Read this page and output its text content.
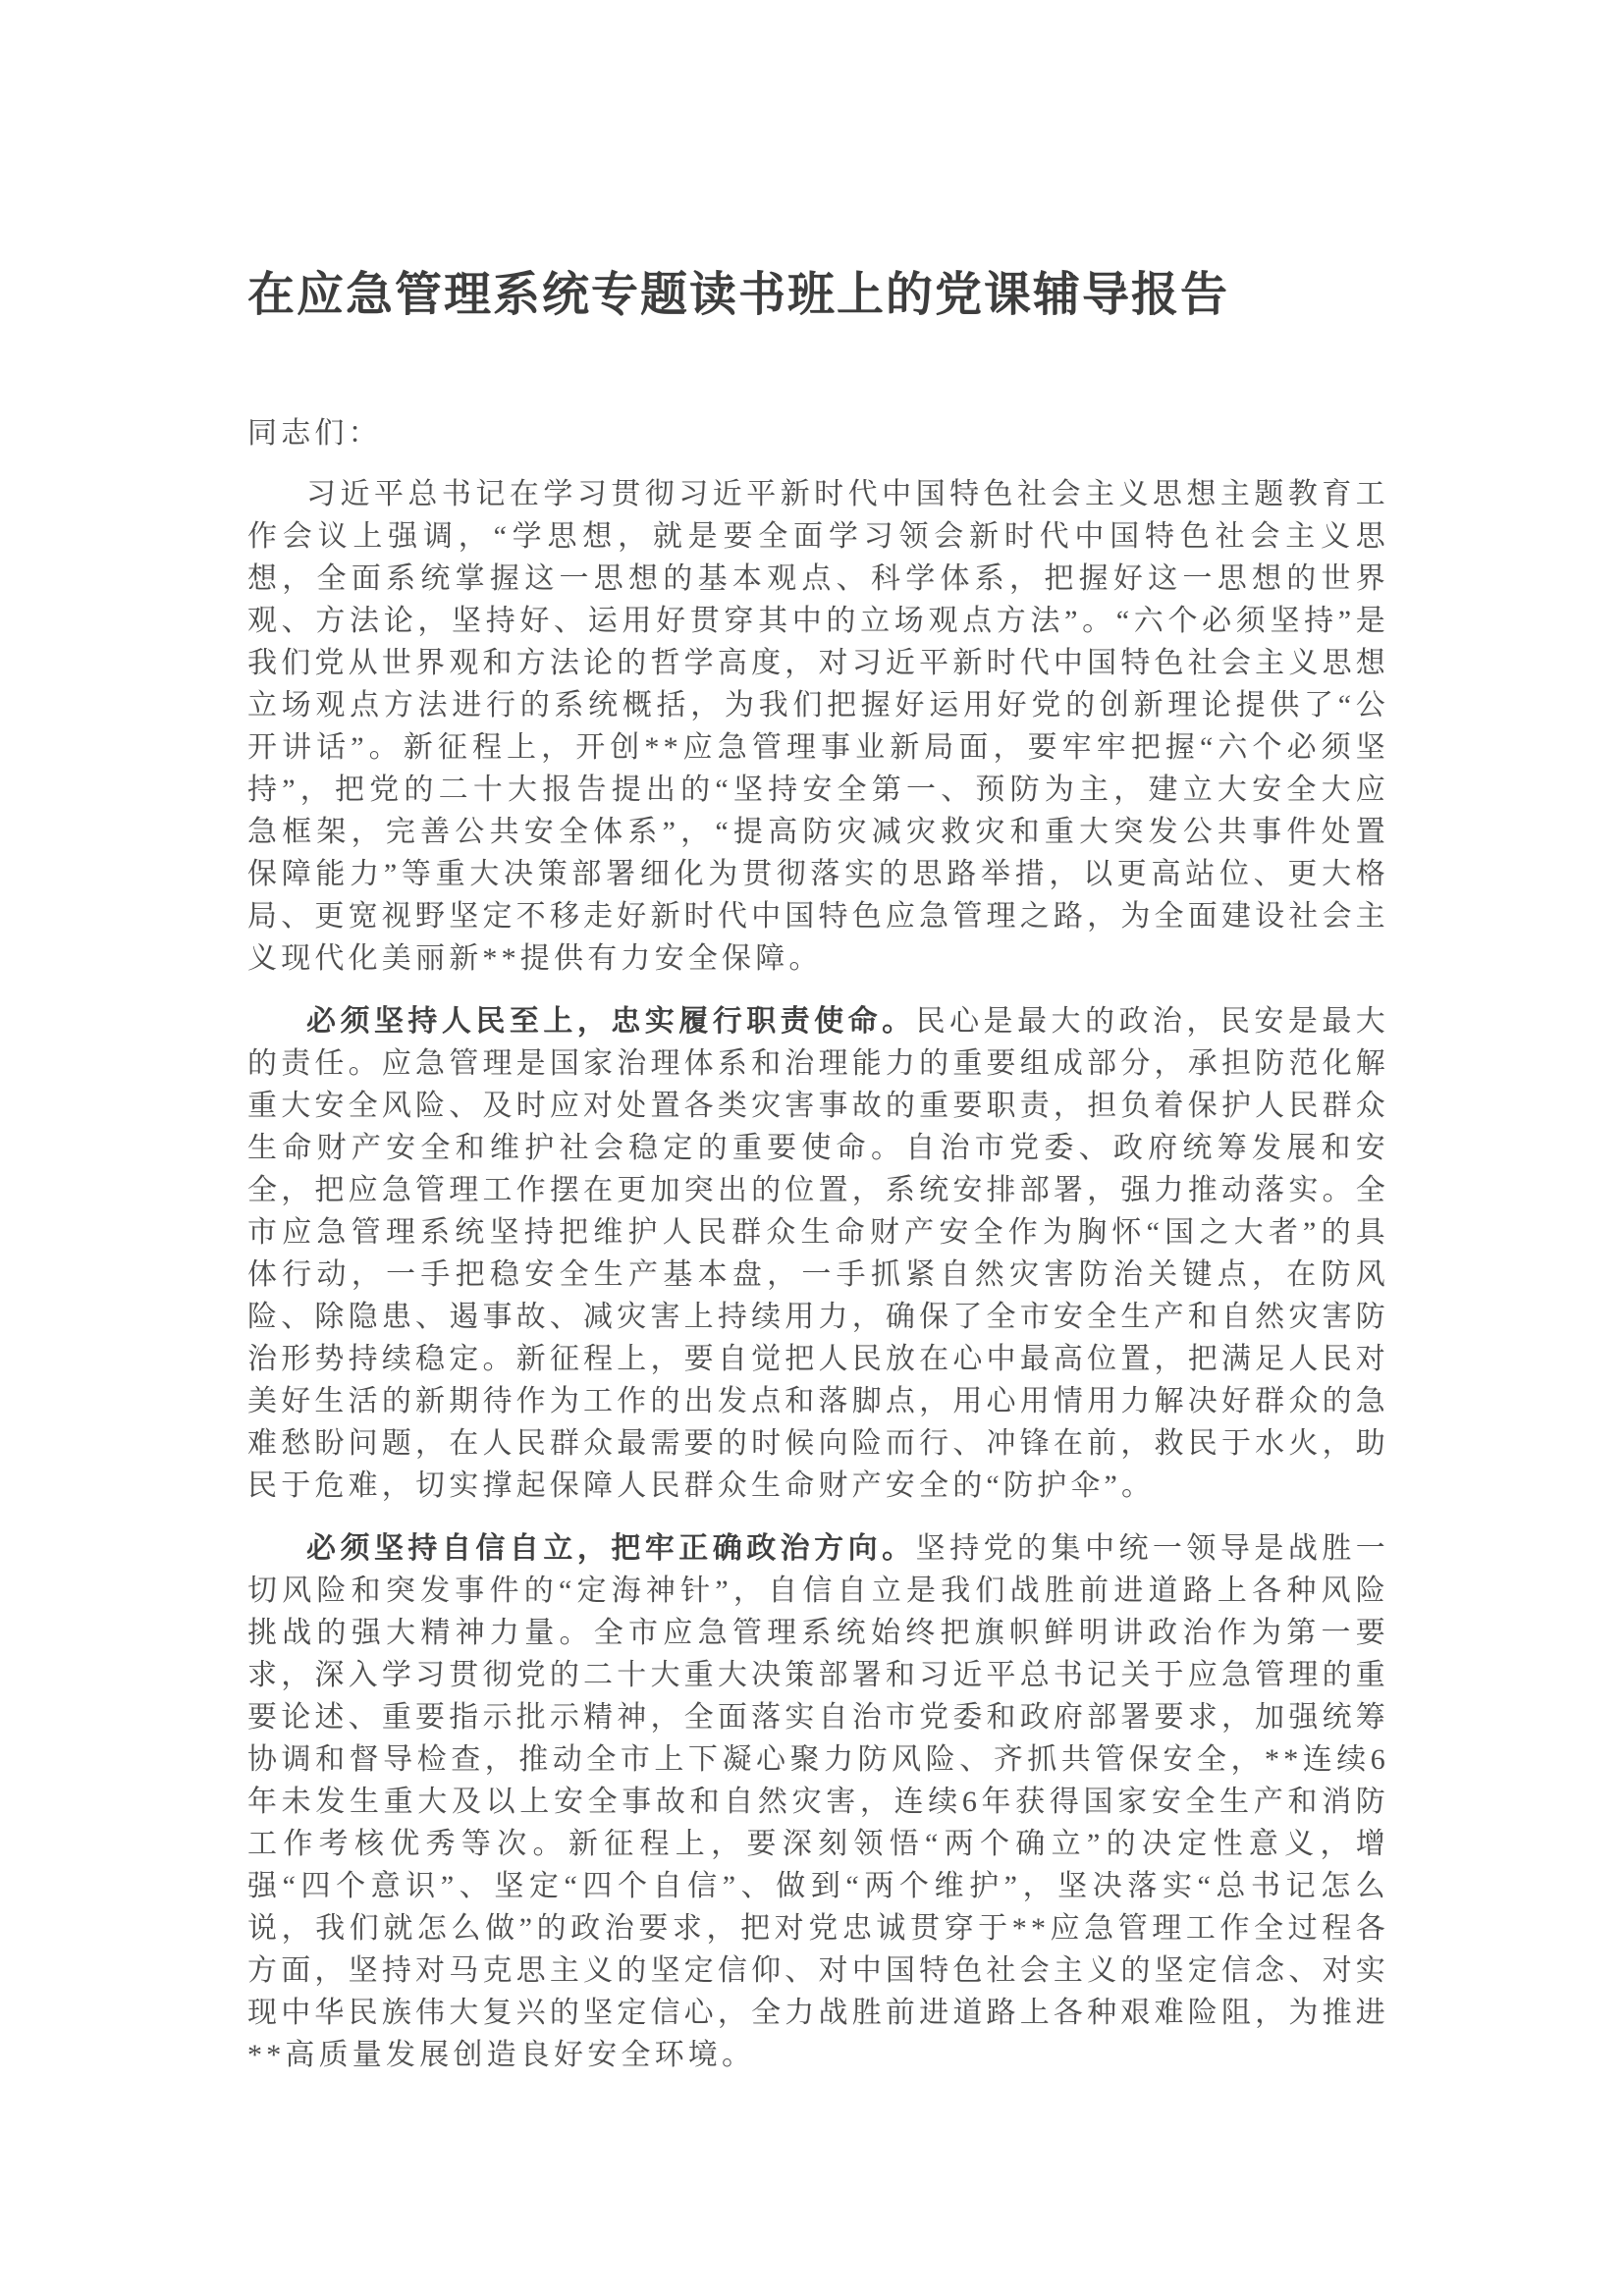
在应急管理系统专题读书班上的党课辅导报告

同志们：

习近平总书记在学习贯彻习近平新时代中国特色社会主义思想主题教育工作会议上强调，“学思想，就是要全面学习领会新时代中国特色社会主义思想，全面系统掌握这一思想的基本观点、科学体系，把握好这一思想的世界观、方法论，坚持好、运用好贯穿其中的立场观点方法”。“六个必须坚持”是我们党从世界观和方法论的哲学高度，对习近平新时代中国特色社会主义思想立场观点方法进行的系统概括，为我们把握好运用好党的创新理论提供了“公开讲话”。新征程上，开创**应急管理事业新局面，要牢牢把握“六个必须坚持”，把党的二十大报告提出的“坚持安全第一、预防为主，建立大安全大应急框架，完善公共安全体系”，“提高防灾减灾救灾和重大突发公共事件处置保障能力”等重大决策部署细化为贯彻落实的思路举措，以更高站位、更大格局、更宽视野坚定不移走好新时代中国特色应急管理之路，为全面建设社会主义现代化美丽新**提供有力安全保障。

必须坚持人民至上，忠实履行职责使命。民心是最大的政治，民安是最大的责任。应急管理是国家治理体系和治理能力的重要组成部分，承担防范化解重大安全风险、及时应对处置各类灾害事故的重要职责，担负着保护人民群众生命财产安全和维护社会稳定的重要使命。自治市党委、政府统筹发展和安全，把应急管理工作摆在更加突出的位置，系统安排部署，强力推动落实。全市应急管理系统坚持把维护人民群众生命财产安全作为胸怀“国之大者”的具体行动，一手把稳安全生产基本盘，一手抓紧自然灾害防治关键点，在防风险、除隐患、遏事故、减灾害上持续用力，确保了全市安全生产和自然灾害防治形势持续稳定。新征程上，要自觉把人民放在心中最高位置，把满足人民对美好生活的新期待作为工作的出发点和落脚点，用心用情用力解决好群众的急难愁盼问题，在人民群众最需要的时候向险而行、冲锋在前，救民于水火，助民于危难，切实撑起保障人民群众生命财产安全的“防护伞”。

必须坚持自信自立，把牢正确政治方向。坚持党的集中统一领导是战胜一切风险和突发事件的“定海神针”，自信自立是我们战胜前进道路上各种风险挑战的强大精神力量。全市应急管理系统始终把旗帜鲜明讲政治作为第一要求，深入学习贯彻党的二十大重大决策部署和习近平总书记关于应急管理的重要论述、重要指示批示精神，全面落实自治市党委和政府部署要求，加强统筹协调和督导检查，推动全市上下凝心聚力防风险、齐抓共管保安全，**连续6年未发生重大及以上安全事故和自然灾害，连续6年获得国家安全生产和消防工作考核优秀等次。新征程上，要深刻领悟“两个确立”的决定性意义，增强“四个意识”、坚定“四个自信”、做到“两个维护”，坚决落实“总书记怎么说，我们就怎么做”的政治要求，把对党忠诚贯穿于**应急管理工作全过程各方面，坚持对马克思主义的坚定信仰、对中国特色社会主义的坚定信念、对实现中华民族伟大复兴的坚定信心，全力战胜前进道路上各种艰难险阻，为推进**高质量发展创造良好安全环境。
